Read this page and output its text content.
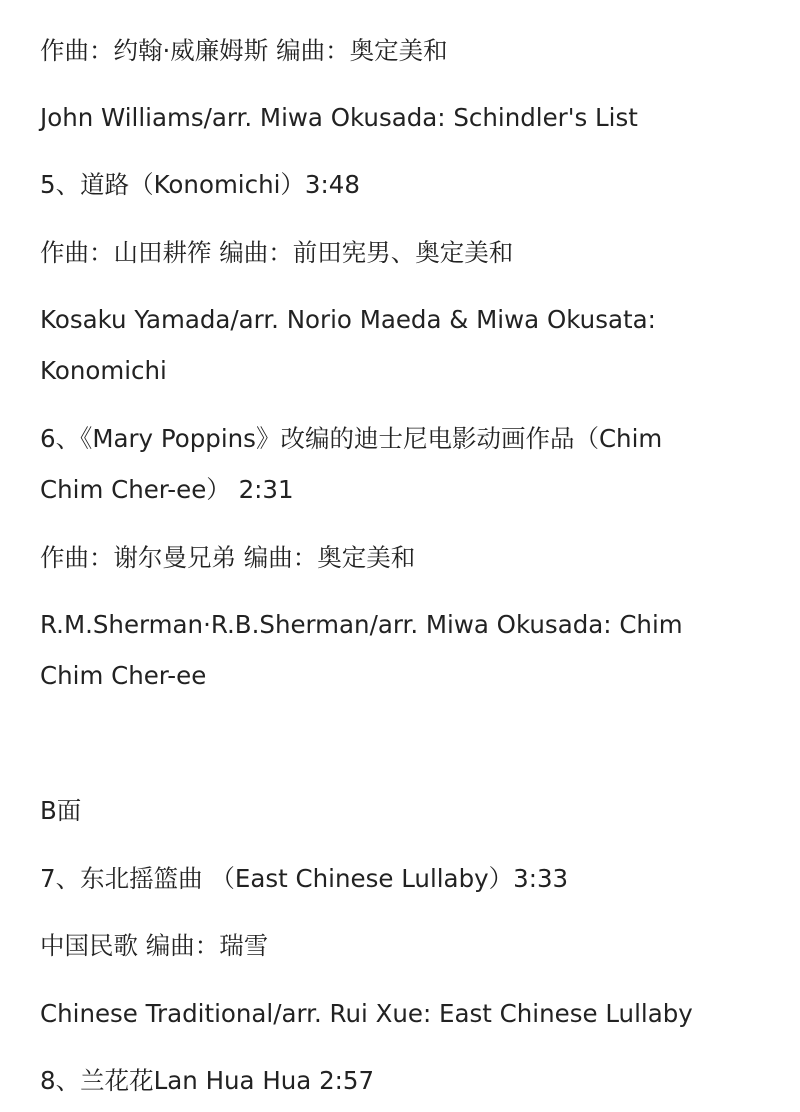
作曲：约翰·威廉姆斯 编曲：奥定美和
John Williams/arr. Miwa Okusada: Schindler's List
5、道路（Konomichi）3:48
作曲：山田耕筰 编曲：前田宪男、奥定美和
Kosaku Yamada/arr. Norio Maeda & Miwa Okusata:
Konomichi
6、《Mary Poppins》改编的迪士尼电影动画作品（Chim
Chim Cher-ee） 2:31
作曲：谢尔曼兄弟 编曲：奥定美和
R.M.Sherman·R.B.Sherman/arr. Miwa Okusada: Chim
Chim Cher-ee
B面
7、东北摇篮曲 （East Chinese Lullaby）3:33
中国民歌 编曲：瑞雪
Chinese Traditional/arr. Rui Xue: East Chinese Lullaby
8、兰花花Lan Hua Hua 2:57
